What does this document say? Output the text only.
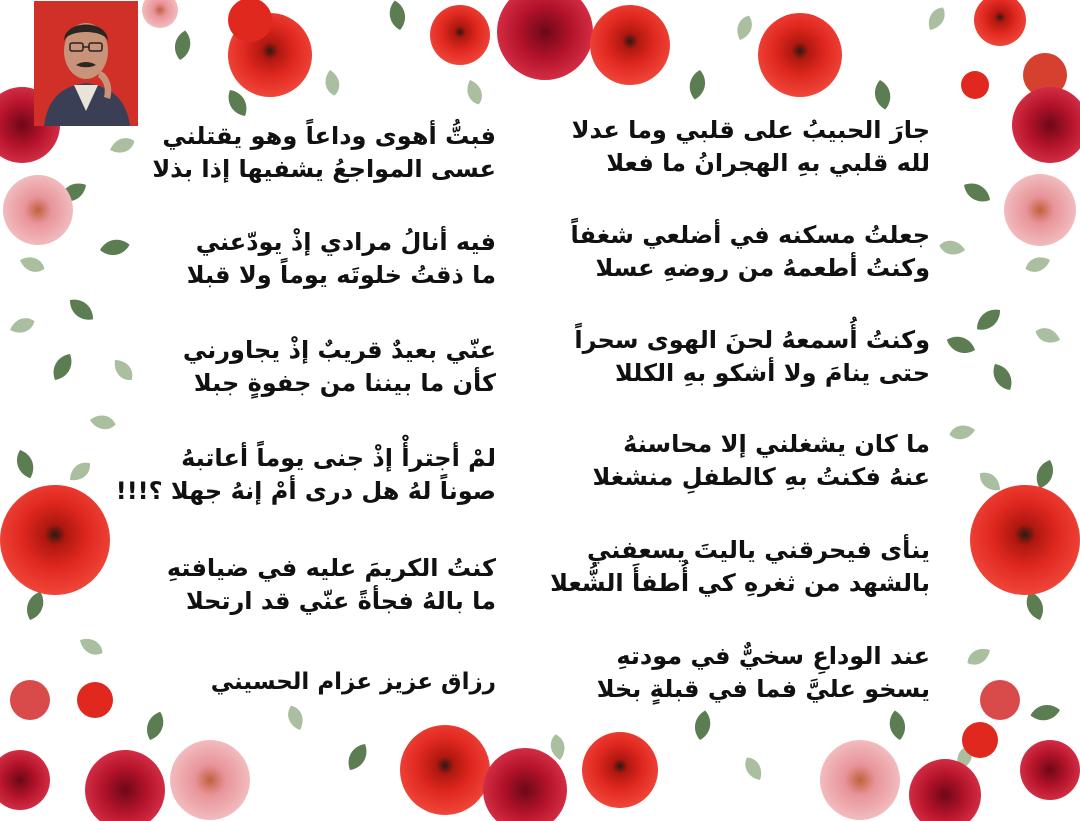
جارَ الحبيبُ على قلبي وما عدلا
لله قلبي بهِ الهجرانُ ما فعلا
جعلتُ مسكنه في أضلعي شغفاً
وكنتُ أطعمهُ من روضهِ عسلا
وكنتُ أُسمعهُ لحنَ الهوى سحراً
حتى ينامَ ولا أشكو بهِ الكللا
ما كان يشغلني إلا محاسنهُ
عنهُ فكنتُ بهِ كالطفلِ منشغلا
ينأى فيحرقني ياليتَ يسعفني
بالشهد من ثغرهِ كي أُطفأَ الشُّعلا
عند الوداعِ سخيٌّ في مودتهِ
يسخو عليَّ فما في قبلةٍ بخلا
فبتُّ أهوى وداعاً وهو يقتلني
عسى المواجعُ يشفيها إذا بذلا
فيه أنالُ مرادي إذْ يودّعني
ما ذقتُ خلوتَه يوماً ولا قبلا
عنّي بعيدٌ قريبٌ إذْ يجاورني
كأن ما بيننا من جفوةٍ جبلا
لمْ أجترأْ إذْ جنى يوماً أعاتبهُ
صوناً لهُ هل درى أمْ إنهُ جهلا ؟!!!
كنتُ الكريمَ عليه في ضيافتهِ
ما بالهُ فجأةً عنّي قد ارتحلا
رزاق عزيز عزام الحسيني
